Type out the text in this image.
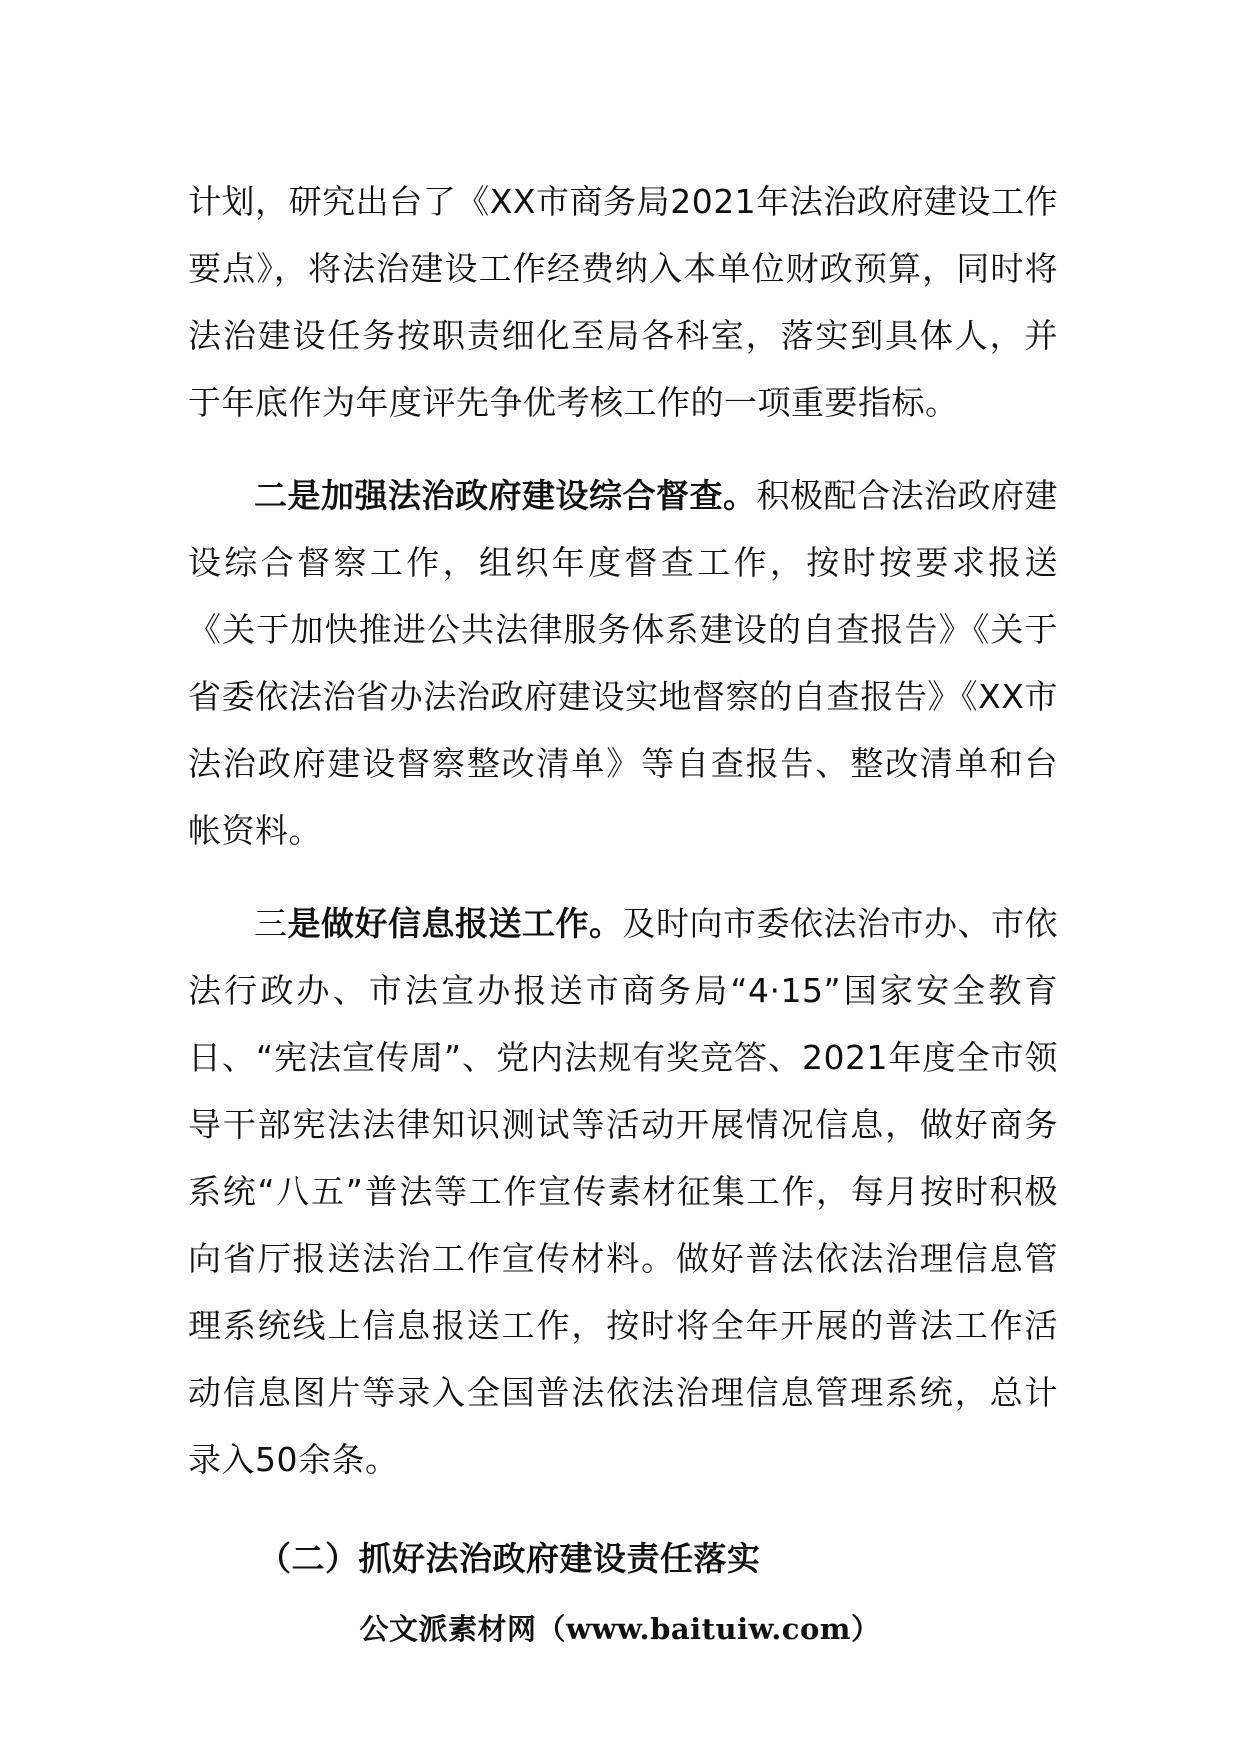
计划，研究出台了《XX市商务局2021年法治政府建设工作要点》，将法治建设工作经费纳入本单位财政预算，同时将法治建设任务按职责细化至局各科室，落实到具体人，并于年底作为年度评先争优考核工作的一项重要指标。

二是加强法治政府建设综合督查。积极配合法治政府建设综合督察工作，组织年度督查工作，按时按要求报送《关于加快推进公共法律服务体系建设的自查报告》《关于省委依法治省办法治政府建设实地督察的自查报告》《XX市法治政府建设督察整改清单》等自查报告、整改清单和台帐资料。

三是做好信息报送工作。及时向市委依法治市办、市依法行政办、市法宣办报送市商务局“4·15”国家安全教育日、“宪法宣传周”、党内法规有奖竞答、2021年度全市领导干部宪法法律知识测试等活动开展情况信息，做好商务系统“八五”普法等工作宣传素材征集工作，每月按时积极向省厅报送法治工作宣传材料。做好普法依法治理信息管理系统线上信息报送工作，按时将全年开展的普法工作活动信息图片等录入全国普法依法治理信息管理系统，总计录入50余条。

（二）抓好法治政府建设责任落实

公文派素材网（www.baituiw.com）
